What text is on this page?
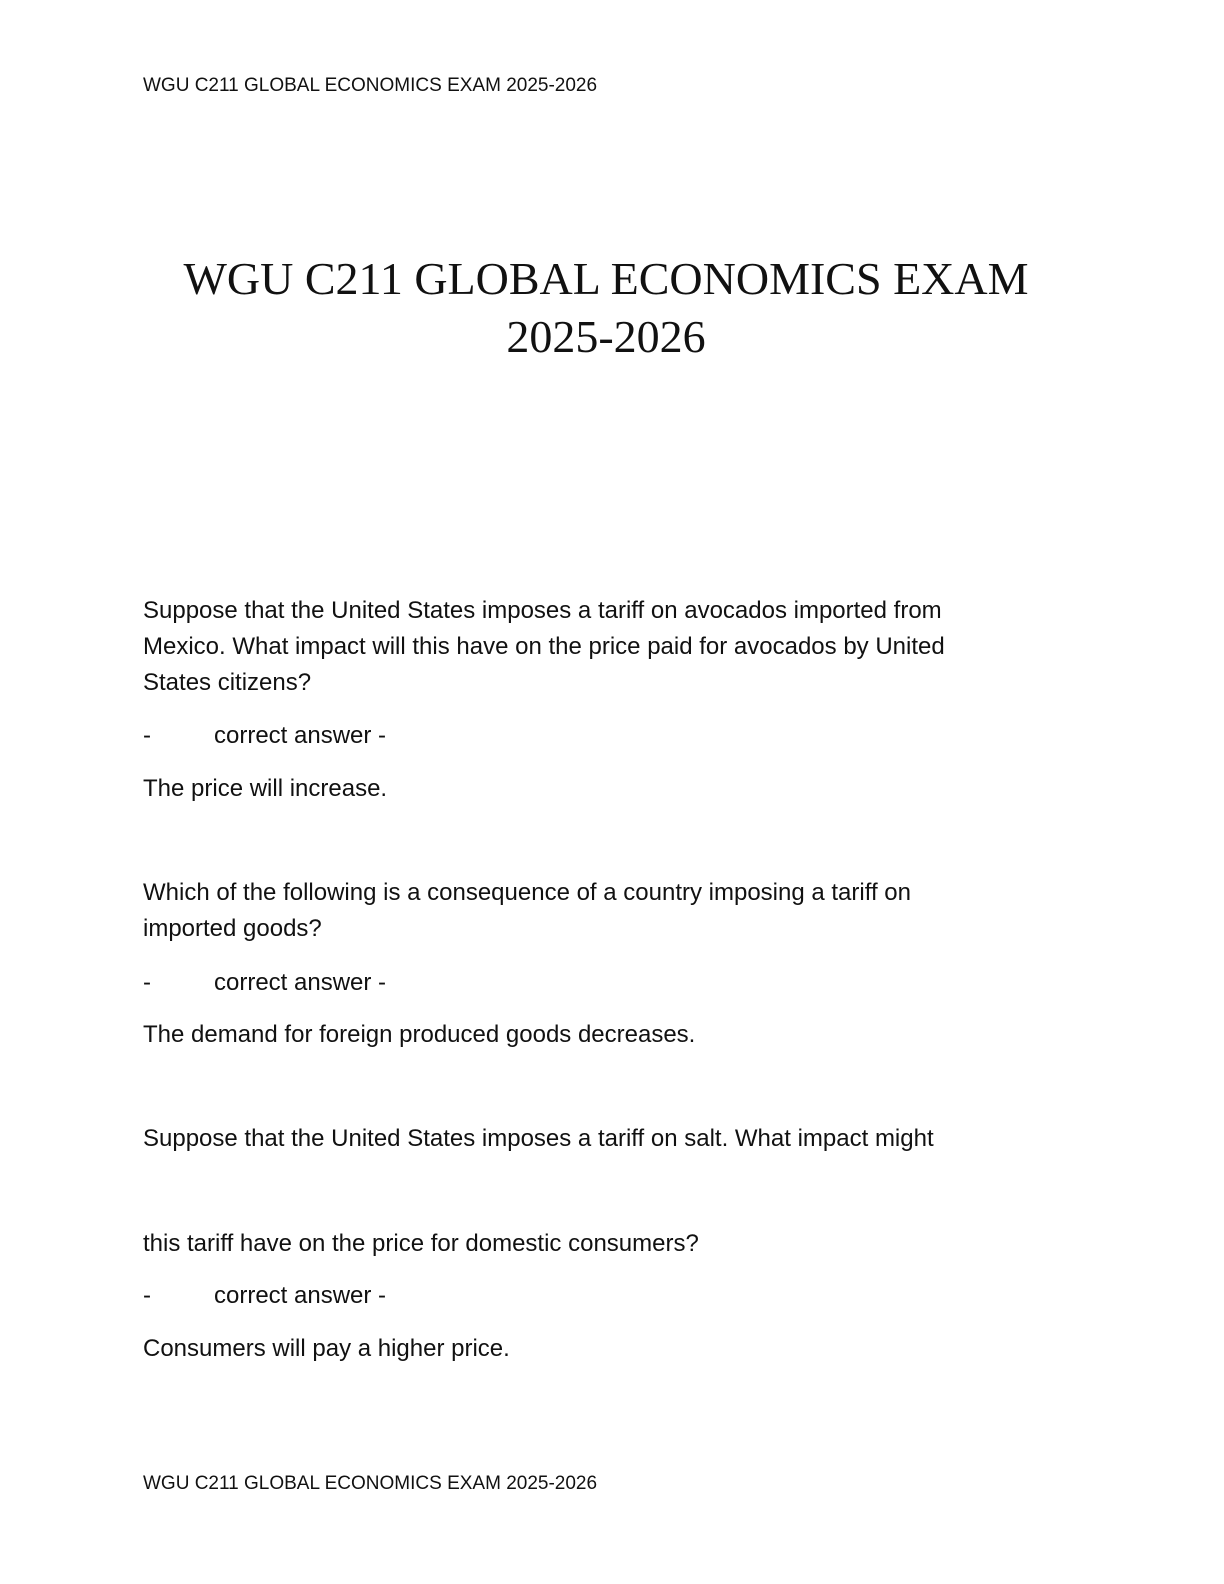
WGU C211 GLOBAL ECONOMICS EXAM 2025-2026
WGU C211 GLOBAL ECONOMICS EXAM
2025-2026
Suppose that the United States imposes a tariff on avocados imported from
Mexico. What impact will this have on the price paid for avocados by United
States citizens?
-	correct answer -
The price will increase.
Which of the following is a consequence of a country imposing a tariff on
imported goods?
-	correct answer -
The demand for foreign produced goods decreases.
Suppose that the United States imposes a tariff on salt. What impact might
this tariff have on the price for domestic consumers?
-	correct answer -
Consumers will pay a higher price.
WGU C211 GLOBAL ECONOMICS EXAM 2025-2026
